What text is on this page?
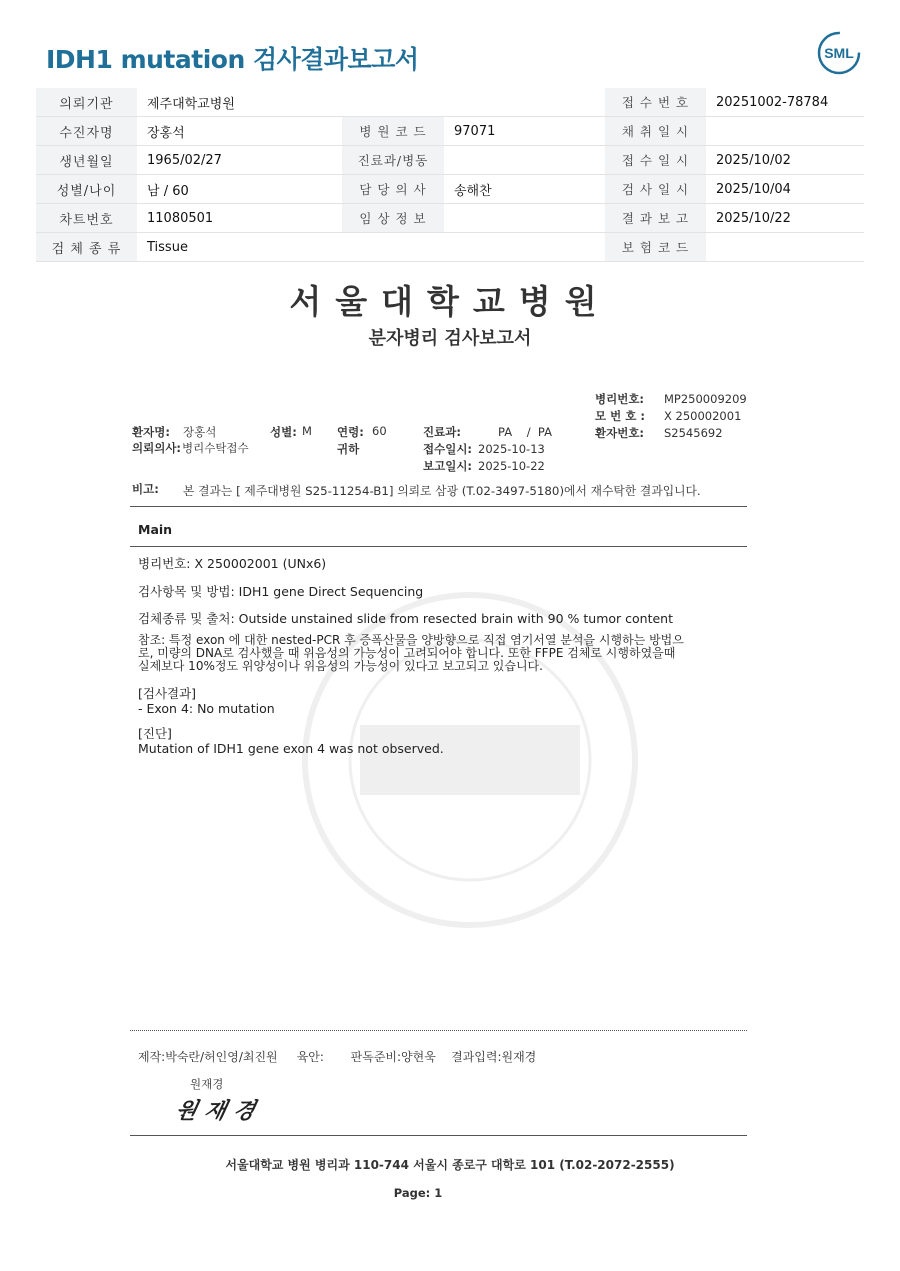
IDH1 mutation 검사결과보고서	SML
의뢰기관	제주대학교병원			접 수 번 호	20251002-78784
수진자명	장홍석	병 원 코 드	97071	채 취 일 시	
생년월일	1965/02/27	진료과/병동		접 수 일 시	2025/10/02
성별/나이	남 / 60	담 당 의 사	송해찬	검 사 일 시	2025/10/04
차트번호	11080501	임 상 정 보		결 과 보 고	2025/10/22
검 체 종 류	Tissue			보 험 코 드	
서울대학교병원
분자병리 검사보고서
병리번호: MP250009209
모 번 호 : X 250002001
환자번호: S2545692
환자명: 장홍석	성별: M 연령: 60	진료과:	PA    /  PA
의뢰의사: 병리수탁접수	귀하	접수일시: 2025-10-13
보고일시: 2025-10-22
비고: 본 결과는 [ 제주대병원 S25-11254-B1] 의뢰로 삼광 (T.02-3497-5180)에서 재수탁한 결과입니다.
Main
병리번호: X 250002001 (UNx6)
검사항목 및 방법: IDH1 gene Direct Sequencing
검체종류 및 출처: Outside unstained slide from resected brain with 90 % tumor content
참조: 특정 exon 에 대한 nested-PCR 후 증폭산물을 양방향으로 직접 염기서열 분석을 시행하는 방법으
로, 미량의 DNA로 검사했을 때 위음성의 가능성이 고려되어야 합니다. 또한 FFPE 검체로 시행하였을때
실제보다 10%정도 위양성이나 위음성의 가능성이 있다고 보고되고 있습니다.
[검사결과]
- Exon 4: No mutation
[진단]
Mutation of IDH1 gene exon 4 was not observed.
제작:박숙란/허인영/최진원     육안:       판독준비:양현욱    결과입력:원재경
원재경
원 재 경
서울대학교 병원 병리과 110-744 서울시 종로구 대학로 101 (T.02-2072-2555)
Page: 1
